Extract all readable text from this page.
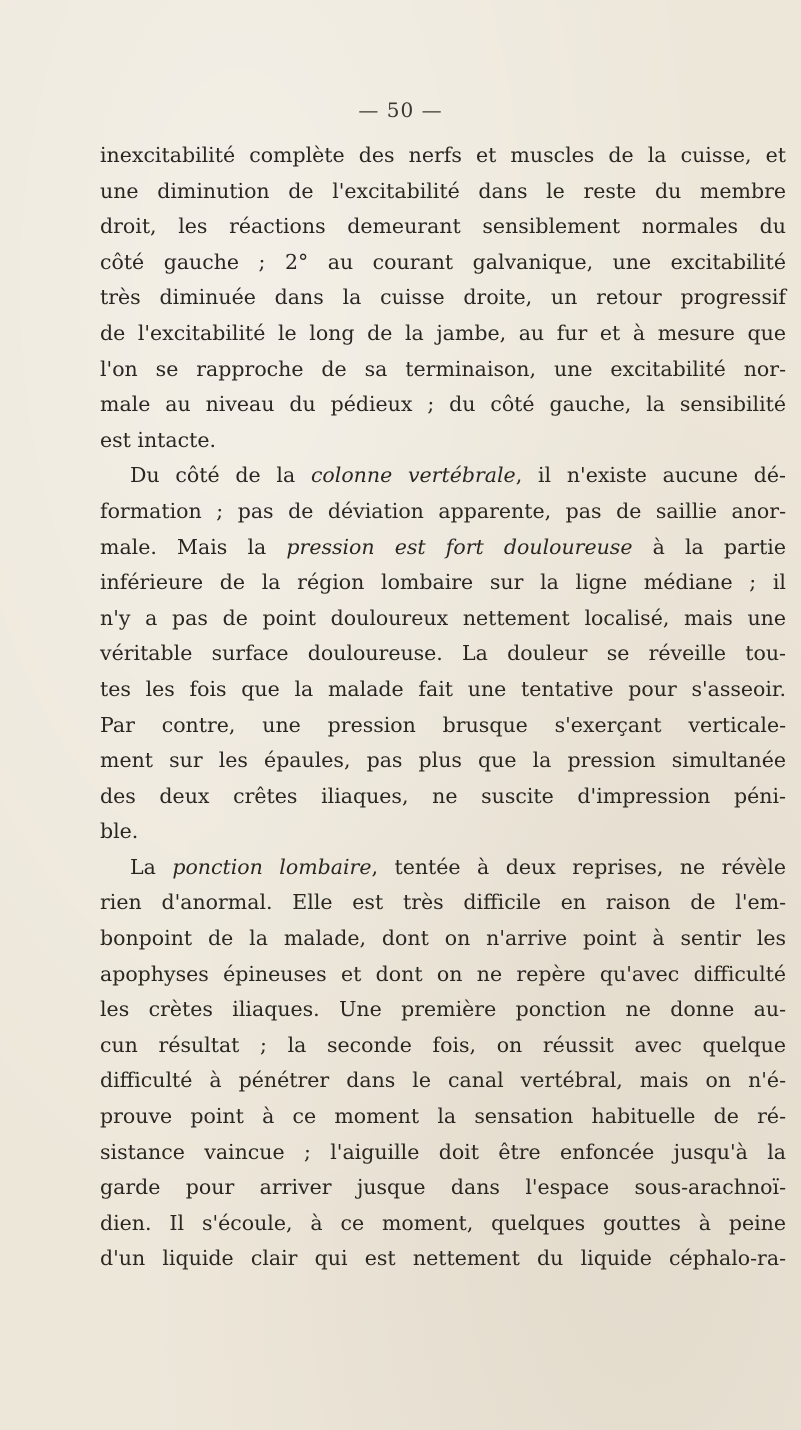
— 50 —
inexcitabilité complète des nerfs et muscles de la cuisse, et
une diminution de l'excitabilité dans le reste du membre
droit, les réactions demeurant sensiblement normales du
côté gauche ; 2° au courant galvanique, une excitabilité
très diminuée dans la cuisse droite, un retour progressif
de l'excitabilité le long de la jambe, au fur et à mesure que
l'on se rapproche de sa terminaison, une excitabilité nor-
male au niveau du pédieux ; du côté gauche, la sensibilité
est intacte.
Du côté de la colonne vertébrale, il n'existe aucune dé-
formation ; pas de déviation apparente, pas de saillie anor-
male. Mais la pression est fort douloureuse à la partie
inférieure de la région lombaire sur la ligne médiane ; il
n'y a pas de point douloureux nettement localisé, mais une
véritable surface douloureuse. La douleur se réveille tou-
tes les fois que la malade fait une tentative pour s'asseoir.
Par contre, une pression brusque s'exerçant verticale-
ment sur les épaules, pas plus que la pression simultanée
des deux crêtes iliaques, ne suscite d'impression péni-
ble.
La ponction lombaire, tentée à deux reprises, ne révèle
rien d'anormal. Elle est très difficile en raison de l'em-
bonpoint de la malade, dont on n'arrive point à sentir les
apophyses épineuses et dont on ne repère qu'avec difficulté
les crètes iliaques. Une première ponction ne donne au-
cun résultat ; la seconde fois, on réussit avec quelque
difficulté à pénétrer dans le canal vertébral, mais on n'é-
prouve point à ce moment la sensation habituelle de ré-
sistance vaincue ; l'aiguille doit être enfoncée jusqu'à la
garde pour arriver jusque dans l'espace sous-arachnoï-
dien. Il s'écoule, à ce moment, quelques gouttes à peine
d'un liquide clair qui est nettement du liquide céphalo-ra-
